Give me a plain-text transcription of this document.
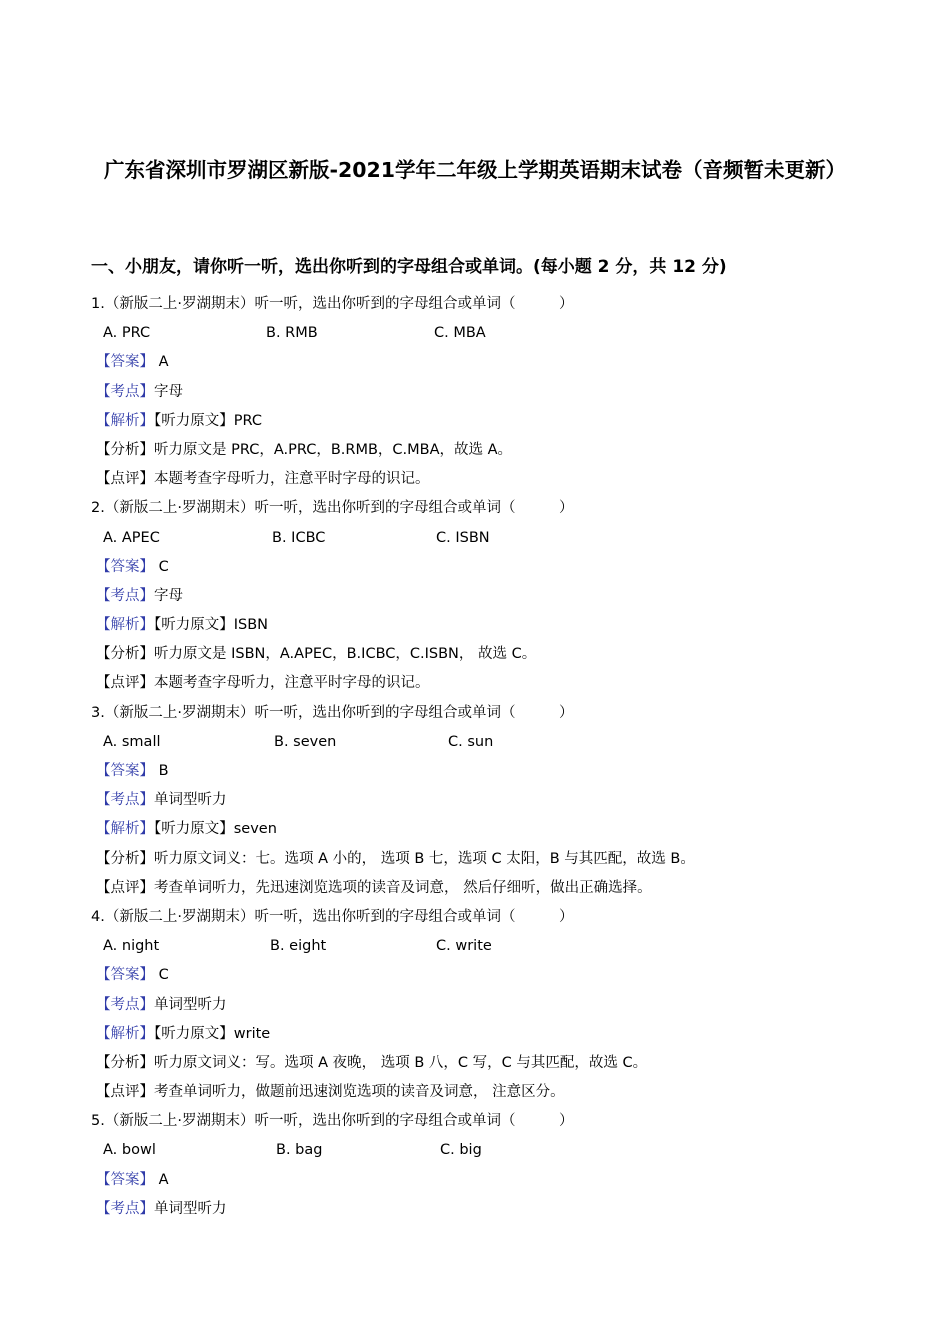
广东省深圳市罗湖区新版-2021学年二年级上学期英语期末试卷（音频暂未更新）
一、小朋友，请你听一听，选出你听到的字母组合或单词。(每小题 2 分，共 12 分)
1.（新版二上·罗湖期末）听一听，选出你听到的字母组合或单词（　　　）
A. PRC	B. RMB	C. MBA
【答案】 A
【考点】字母
【解析】【听力原文】PRC
【分析】听力原文是 PRC，A.PRC，B.RMB，C.MBA，故选 A。
【点评】本题考查字母听力，注意平时字母的识记。
2.（新版二上·罗湖期末）听一听，选出你听到的字母组合或单词（　　　）
A. APEC	B. ICBC	C. ISBN
【答案】 C
【考点】字母
【解析】【听力原文】ISBN
【分析】听力原文是 ISBN，A.APEC，B.ICBC，C.ISBN， 故选 C。
【点评】本题考查字母听力，注意平时字母的识记。
3.（新版二上·罗湖期末）听一听，选出你听到的字母组合或单词（　　　）
A. small	B. seven	C. sun
【答案】 B
【考点】单词型听力
【解析】【听力原文】seven
【分析】听力原文词义：七。选项 A 小的， 选项 B 七，选项 C 太阳，B 与其匹配，故选 B。
【点评】考查单词听力，先迅速浏览选项的读音及词意， 然后仔细听，做出正确选择。
4.（新版二上·罗湖期末）听一听，选出你听到的字母组合或单词（　　　）
A. night	B. eight	C. write
【答案】 C
【考点】单词型听力
【解析】【听力原文】write
【分析】听力原文词义：写。选项 A 夜晚， 选项 B 八，C 写，C 与其匹配，故选 C。
【点评】考查单词听力，做题前迅速浏览选项的读音及词意， 注意区分。
5.（新版二上·罗湖期末）听一听，选出你听到的字母组合或单词（　　　）
A. bowl	B. bag	C. big
【答案】 A
【考点】单词型听力
